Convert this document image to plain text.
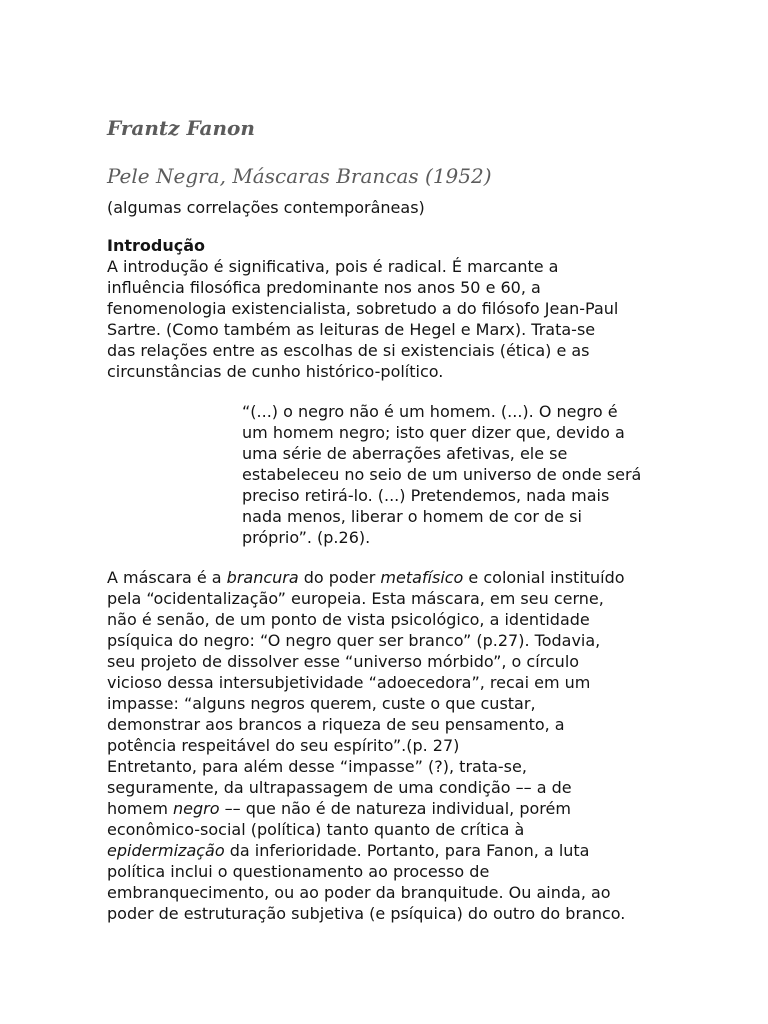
Frantz Fanon
Pele Negra, Máscaras Brancas (1952)
(algumas correlações contemporâneas)
Introdução
A introdução é significativa, pois é radical. É marcante a
influência filosófica predominante nos anos 50 e 60, a
fenomenologia existencialista, sobretudo a do filósofo Jean-Paul
Sartre. (Como também as leituras de Hegel e Marx). Trata-se
das relações entre as escolhas de si existenciais (ética) e as
circunstâncias de cunho histórico-político.
“(...) o negro não é um homem. (...). O negro é
um homem negro; isto quer dizer que, devido a
uma série de aberrações afetivas, ele se
estabeleceu no seio de um universo de onde será
preciso retirá-lo. (...) Pretendemos, nada mais
nada menos, liberar o homem de cor de si
próprio”. (p.26).
A máscara é a brancura do poder metafísico e colonial instituído
pela “ocidentalização” europeia. Esta máscara, em seu cerne,
não é senão, de um ponto de vista psicológico, a identidade
psíquica do negro: “O negro quer ser branco” (p.27). Todavia,
seu projeto de dissolver esse “universo mórbido”, o círculo
vicioso dessa intersubjetividade “adoecedora”, recai em um
impasse: “alguns negros querem, custe o que custar,
demonstrar aos brancos a riqueza de seu pensamento, a
potência respeitável do seu espírito”.(p. 27)
Entretanto, para além desse “impasse” (?), trata-se,
seguramente, da ultrapassagem de uma condição –– a de
homem negro –– que não é de natureza individual, porém
econômico-social (política) tanto quanto de crítica à
epidermização da inferioridade. Portanto, para Fanon, a luta
política inclui o questionamento ao processo de
embranquecimento, ou ao poder da branquitude. Ou ainda, ao
poder de estruturação subjetiva (e psíquica) do outro do branco.
